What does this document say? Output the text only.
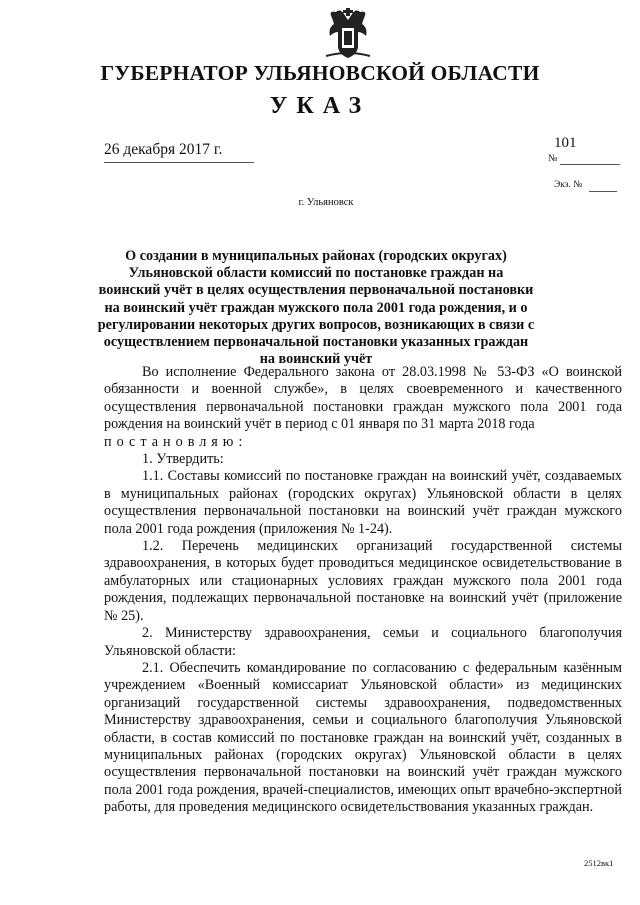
ГУБЕРНАТОР УЛЬЯНОВСКОЙ ОБЛАСТИ
УКАЗ
26 декабря 2017 г.	101
№
Экз. №
г. Ульяновск
О создании в муниципальных районах (городских округах) Ульяновской области комиссий по постановке граждан на воинский учёт в целях осуществления первоначальной постановки на воинский учёт граждан мужского пола 2001 года рождения, и о регулировании некоторых других вопросов, возникающих в связи с осуществлением первоначальной постановки указанных граждан на воинский учёт

Во исполнение Федерального закона от 28.03.1998 № 53-ФЗ «О воинской обязанности и военной службе», в целях своевременного и качественного осуществления первоначальной постановки граждан мужского пола 2001 года рождения на воинский учёт в период с 01 января по 31 марта 2018 года

постановляю:

1. Утвердить:

1.1. Составы комиссий по постановке граждан на воинский учёт, создаваемых в муниципальных районах (городских округах) Ульяновской области в целях осуществления первоначальной постановки на воинский учёт граждан мужского пола 2001 года рождения (приложения № 1-24).

1.2. Перечень медицинских организаций государственной системы здравоохранения, в которых будет проводиться медицинское освидетельствование в амбулаторных или стационарных условиях граждан мужского пола 2001 года рождения, подлежащих первоначальной постановке на воинский учёт (приложение № 25).

2. Министерству здравоохранения, семьи и социального благополучия Ульяновской области:

2.1. Обеспечить командирование по согласованию с федеральным казённым учреждением «Военный комиссариат Ульяновской области» из медицинских организаций государственной системы здравоохранения, подведомственных Министерству здравоохранения, семьи и социального благополучия Ульяновской области, в состав комиссий по постановке граждан на воинский учёт, созданных в муниципальных районах (городских округах) Ульяновской области в целях осуществления первоначальной постановки на воинский учёт граждан мужского пола 2001 года рождения, врачей-специалистов, имеющих опыт врачебно-экспертной работы, для проведения медицинского освидетельствования указанных граждан.

2512вк1
